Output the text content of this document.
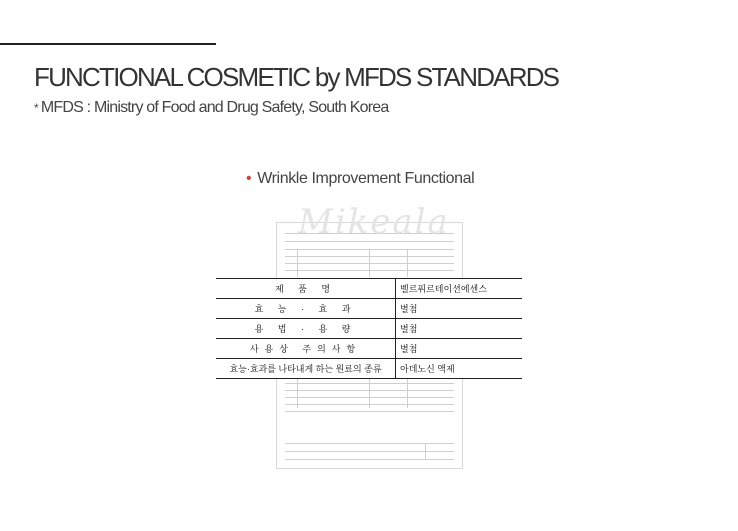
FUNCTIONAL COSMETIC by MFDS STANDARDS
* MFDS : Ministry of Food and Drug Safety, South Korea
• Wrinkle Improvement Functional
Mikeala
제 품 명	벨르퓌르테이션에센스
효 능 · 효 과	별첨
용 법 · 용 량	별첨
사용상 주의사항	별첨
효능·효과를 나타내게 하는 원료의 종류	아데노신 액제
